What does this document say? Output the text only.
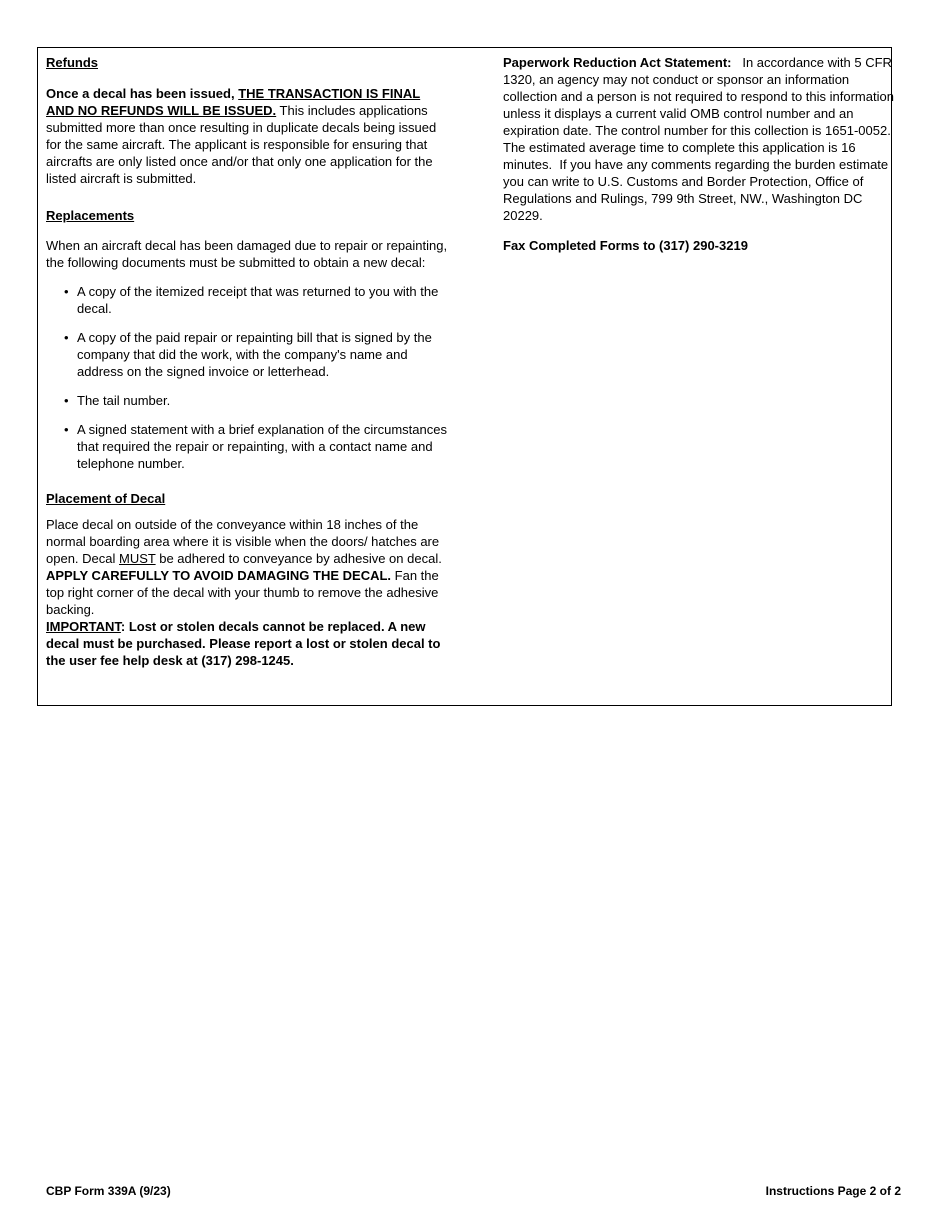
Refunds

Once a decal has been issued, THE TRANSACTION IS FINAL AND NO REFUNDS WILL BE ISSUED. This includes applications submitted more than once resulting in duplicate decals being issued for the same aircraft. The applicant is responsible for ensuring that aircrafts are only listed once and/or that only one application for the listed aircraft is submitted.

Replacements

When an aircraft decal has been damaged due to repair or repainting, the following documents must be submitted to obtain a new decal:

• A copy of the itemized receipt that was returned to you with the decal.
• A copy of the paid repair or repainting bill that is signed by the company that did the work, with the company's name and address on the signed invoice or letterhead.
• The tail number.
• A signed statement with a brief explanation of the circumstances that required the repair or repainting, with a contact name and telephone number.

Placement of Decal

Place decal on outside of the conveyance within 18 inches of the normal boarding area where it is visible when the doors/ hatches are open. Decal MUST be adhered to conveyance by adhesive on decal. APPLY CAREFULLY TO AVOID DAMAGING THE DECAL. Fan the top right corner of the decal with your thumb to remove the adhesive backing.
IMPORTANT: Lost or stolen decals cannot be replaced. A new decal must be purchased. Please report a lost or stolen decal to the user fee help desk at (317) 298-1245.

Paperwork Reduction Act Statement:   In accordance with 5 CFR 1320, an agency may not conduct or sponsor an information collection and a person is not required to respond to this information unless it displays a current valid OMB control number and an expiration date. The control number for this collection is 1651-0052. The estimated average time to complete this application is 16 minutes.  If you have any comments regarding the burden estimate you can write to U.S. Customs and Border Protection, Office of Regulations and Rulings, 799 9th Street, NW., Washington DC 20229.

Fax Completed Forms to (317) 290-3219

CBP Form 339A (9/23)	Instructions Page 2 of 2
